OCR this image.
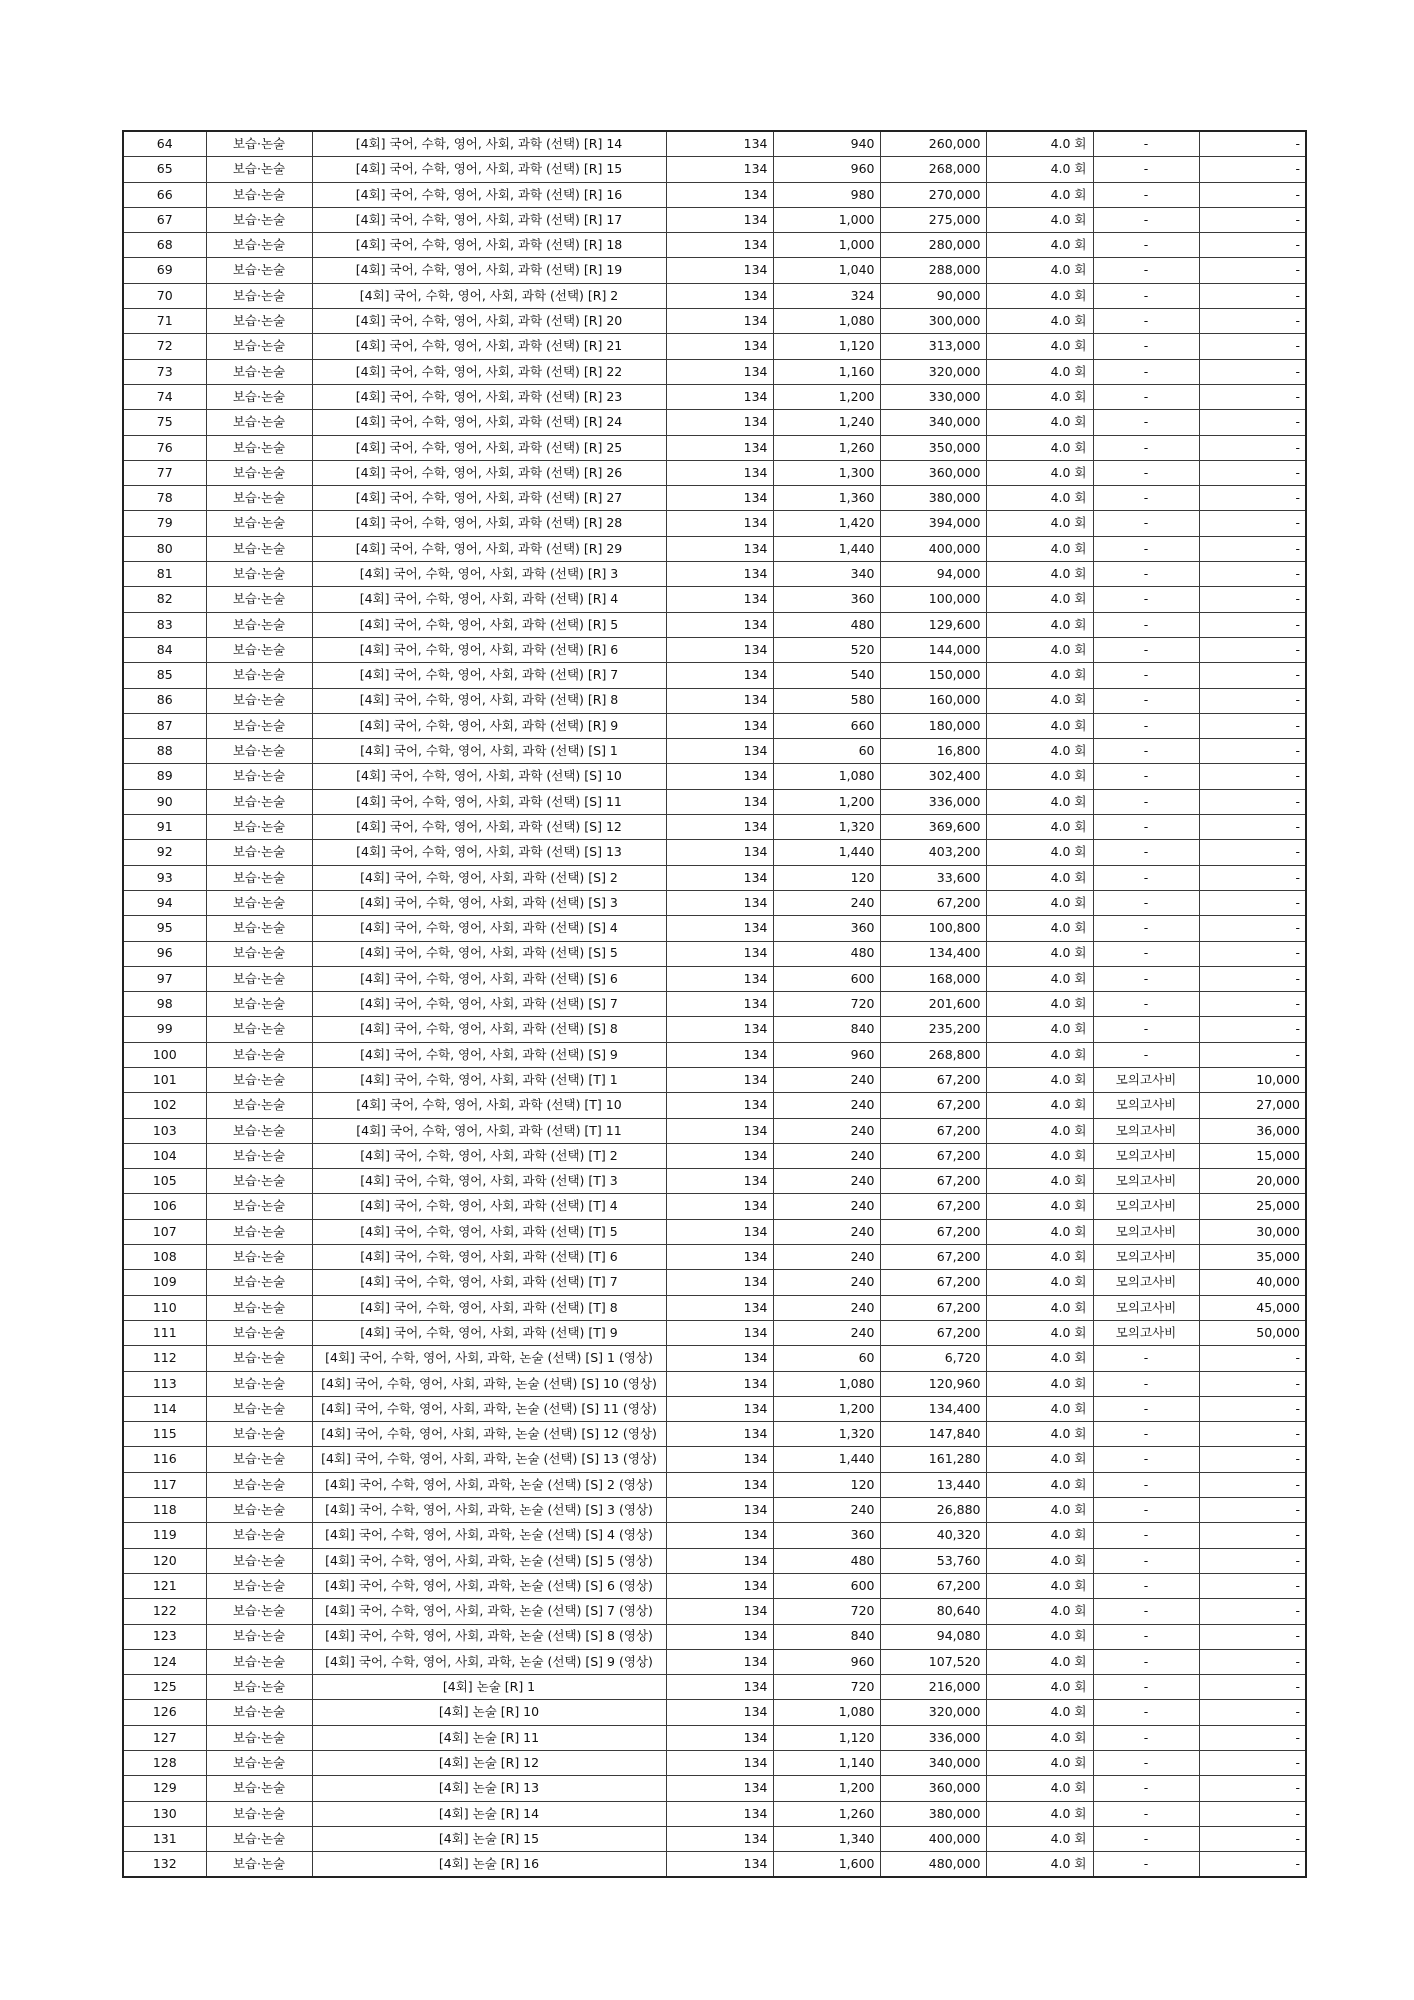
64	보습·논술	[4회] 국어, 수학, 영어, 사회, 과학 (선택) [R] 14	134	940	260,000	4.0 회	-	-
65	보습·논술	[4회] 국어, 수학, 영어, 사회, 과학 (선택) [R] 15	134	960	268,000	4.0 회	-	-
66	보습·논술	[4회] 국어, 수학, 영어, 사회, 과학 (선택) [R] 16	134	980	270,000	4.0 회	-	-
67	보습·논술	[4회] 국어, 수학, 영어, 사회, 과학 (선택) [R] 17	134	1,000	275,000	4.0 회	-	-
68	보습·논술	[4회] 국어, 수학, 영어, 사회, 과학 (선택) [R] 18	134	1,000	280,000	4.0 회	-	-
69	보습·논술	[4회] 국어, 수학, 영어, 사회, 과학 (선택) [R] 19	134	1,040	288,000	4.0 회	-	-
70	보습·논술	[4회] 국어, 수학, 영어, 사회, 과학 (선택) [R] 2	134	324	90,000	4.0 회	-	-
71	보습·논술	[4회] 국어, 수학, 영어, 사회, 과학 (선택) [R] 20	134	1,080	300,000	4.0 회	-	-
72	보습·논술	[4회] 국어, 수학, 영어, 사회, 과학 (선택) [R] 21	134	1,120	313,000	4.0 회	-	-
73	보습·논술	[4회] 국어, 수학, 영어, 사회, 과학 (선택) [R] 22	134	1,160	320,000	4.0 회	-	-
74	보습·논술	[4회] 국어, 수학, 영어, 사회, 과학 (선택) [R] 23	134	1,200	330,000	4.0 회	-	-
75	보습·논술	[4회] 국어, 수학, 영어, 사회, 과학 (선택) [R] 24	134	1,240	340,000	4.0 회	-	-
76	보습·논술	[4회] 국어, 수학, 영어, 사회, 과학 (선택) [R] 25	134	1,260	350,000	4.0 회	-	-
77	보습·논술	[4회] 국어, 수학, 영어, 사회, 과학 (선택) [R] 26	134	1,300	360,000	4.0 회	-	-
78	보습·논술	[4회] 국어, 수학, 영어, 사회, 과학 (선택) [R] 27	134	1,360	380,000	4.0 회	-	-
79	보습·논술	[4회] 국어, 수학, 영어, 사회, 과학 (선택) [R] 28	134	1,420	394,000	4.0 회	-	-
80	보습·논술	[4회] 국어, 수학, 영어, 사회, 과학 (선택) [R] 29	134	1,440	400,000	4.0 회	-	-
81	보습·논술	[4회] 국어, 수학, 영어, 사회, 과학 (선택) [R] 3	134	340	94,000	4.0 회	-	-
82	보습·논술	[4회] 국어, 수학, 영어, 사회, 과학 (선택) [R] 4	134	360	100,000	4.0 회	-	-
83	보습·논술	[4회] 국어, 수학, 영어, 사회, 과학 (선택) [R] 5	134	480	129,600	4.0 회	-	-
84	보습·논술	[4회] 국어, 수학, 영어, 사회, 과학 (선택) [R] 6	134	520	144,000	4.0 회	-	-
85	보습·논술	[4회] 국어, 수학, 영어, 사회, 과학 (선택) [R] 7	134	540	150,000	4.0 회	-	-
86	보습·논술	[4회] 국어, 수학, 영어, 사회, 과학 (선택) [R] 8	134	580	160,000	4.0 회	-	-
87	보습·논술	[4회] 국어, 수학, 영어, 사회, 과학 (선택) [R] 9	134	660	180,000	4.0 회	-	-
88	보습·논술	[4회] 국어, 수학, 영어, 사회, 과학 (선택) [S] 1	134	60	16,800	4.0 회	-	-
89	보습·논술	[4회] 국어, 수학, 영어, 사회, 과학 (선택) [S] 10	134	1,080	302,400	4.0 회	-	-
90	보습·논술	[4회] 국어, 수학, 영어, 사회, 과학 (선택) [S] 11	134	1,200	336,000	4.0 회	-	-
91	보습·논술	[4회] 국어, 수학, 영어, 사회, 과학 (선택) [S] 12	134	1,320	369,600	4.0 회	-	-
92	보습·논술	[4회] 국어, 수학, 영어, 사회, 과학 (선택) [S] 13	134	1,440	403,200	4.0 회	-	-
93	보습·논술	[4회] 국어, 수학, 영어, 사회, 과학 (선택) [S] 2	134	120	33,600	4.0 회	-	-
94	보습·논술	[4회] 국어, 수학, 영어, 사회, 과학 (선택) [S] 3	134	240	67,200	4.0 회	-	-
95	보습·논술	[4회] 국어, 수학, 영어, 사회, 과학 (선택) [S] 4	134	360	100,800	4.0 회	-	-
96	보습·논술	[4회] 국어, 수학, 영어, 사회, 과학 (선택) [S] 5	134	480	134,400	4.0 회	-	-
97	보습·논술	[4회] 국어, 수학, 영어, 사회, 과학 (선택) [S] 6	134	600	168,000	4.0 회	-	-
98	보습·논술	[4회] 국어, 수학, 영어, 사회, 과학 (선택) [S] 7	134	720	201,600	4.0 회	-	-
99	보습·논술	[4회] 국어, 수학, 영어, 사회, 과학 (선택) [S] 8	134	840	235,200	4.0 회	-	-
100	보습·논술	[4회] 국어, 수학, 영어, 사회, 과학 (선택) [S] 9	134	960	268,800	4.0 회	-	-
101	보습·논술	[4회] 국어, 수학, 영어, 사회, 과학 (선택) [T] 1	134	240	67,200	4.0 회	모의고사비	10,000
102	보습·논술	[4회] 국어, 수학, 영어, 사회, 과학 (선택) [T] 10	134	240	67,200	4.0 회	모의고사비	27,000
103	보습·논술	[4회] 국어, 수학, 영어, 사회, 과학 (선택) [T] 11	134	240	67,200	4.0 회	모의고사비	36,000
104	보습·논술	[4회] 국어, 수학, 영어, 사회, 과학 (선택) [T] 2	134	240	67,200	4.0 회	모의고사비	15,000
105	보습·논술	[4회] 국어, 수학, 영어, 사회, 과학 (선택) [T] 3	134	240	67,200	4.0 회	모의고사비	20,000
106	보습·논술	[4회] 국어, 수학, 영어, 사회, 과학 (선택) [T] 4	134	240	67,200	4.0 회	모의고사비	25,000
107	보습·논술	[4회] 국어, 수학, 영어, 사회, 과학 (선택) [T] 5	134	240	67,200	4.0 회	모의고사비	30,000
108	보습·논술	[4회] 국어, 수학, 영어, 사회, 과학 (선택) [T] 6	134	240	67,200	4.0 회	모의고사비	35,000
109	보습·논술	[4회] 국어, 수학, 영어, 사회, 과학 (선택) [T] 7	134	240	67,200	4.0 회	모의고사비	40,000
110	보습·논술	[4회] 국어, 수학, 영어, 사회, 과학 (선택) [T] 8	134	240	67,200	4.0 회	모의고사비	45,000
111	보습·논술	[4회] 국어, 수학, 영어, 사회, 과학 (선택) [T] 9	134	240	67,200	4.0 회	모의고사비	50,000
112	보습·논술	[4회] 국어, 수학, 영어, 사회, 과학, 논술 (선택) [S] 1 (영상)	134	60	6,720	4.0 회	-	-
113	보습·논술	[4회] 국어, 수학, 영어, 사회, 과학, 논술 (선택) [S] 10 (영상)	134	1,080	120,960	4.0 회	-	-
114	보습·논술	[4회] 국어, 수학, 영어, 사회, 과학, 논술 (선택) [S] 11 (영상)	134	1,200	134,400	4.0 회	-	-
115	보습·논술	[4회] 국어, 수학, 영어, 사회, 과학, 논술 (선택) [S] 12 (영상)	134	1,320	147,840	4.0 회	-	-
116	보습·논술	[4회] 국어, 수학, 영어, 사회, 과학, 논술 (선택) [S] 13 (영상)	134	1,440	161,280	4.0 회	-	-
117	보습·논술	[4회] 국어, 수학, 영어, 사회, 과학, 논술 (선택) [S] 2 (영상)	134	120	13,440	4.0 회	-	-
118	보습·논술	[4회] 국어, 수학, 영어, 사회, 과학, 논술 (선택) [S] 3 (영상)	134	240	26,880	4.0 회	-	-
119	보습·논술	[4회] 국어, 수학, 영어, 사회, 과학, 논술 (선택) [S] 4 (영상)	134	360	40,320	4.0 회	-	-
120	보습·논술	[4회] 국어, 수학, 영어, 사회, 과학, 논술 (선택) [S] 5 (영상)	134	480	53,760	4.0 회	-	-
121	보습·논술	[4회] 국어, 수학, 영어, 사회, 과학, 논술 (선택) [S] 6 (영상)	134	600	67,200	4.0 회	-	-
122	보습·논술	[4회] 국어, 수학, 영어, 사회, 과학, 논술 (선택) [S] 7 (영상)	134	720	80,640	4.0 회	-	-
123	보습·논술	[4회] 국어, 수학, 영어, 사회, 과학, 논술 (선택) [S] 8 (영상)	134	840	94,080	4.0 회	-	-
124	보습·논술	[4회] 국어, 수학, 영어, 사회, 과학, 논술 (선택) [S] 9 (영상)	134	960	107,520	4.0 회	-	-
125	보습·논술	[4회] 논술 [R] 1	134	720	216,000	4.0 회	-	-
126	보습·논술	[4회] 논술 [R] 10	134	1,080	320,000	4.0 회	-	-
127	보습·논술	[4회] 논술 [R] 11	134	1,120	336,000	4.0 회	-	-
128	보습·논술	[4회] 논술 [R] 12	134	1,140	340,000	4.0 회	-	-
129	보습·논술	[4회] 논술 [R] 13	134	1,200	360,000	4.0 회	-	-
130	보습·논술	[4회] 논술 [R] 14	134	1,260	380,000	4.0 회	-	-
131	보습·논술	[4회] 논술 [R] 15	134	1,340	400,000	4.0 회	-	-
132	보습·논술	[4회] 논술 [R] 16	134	1,600	480,000	4.0 회	-	-
